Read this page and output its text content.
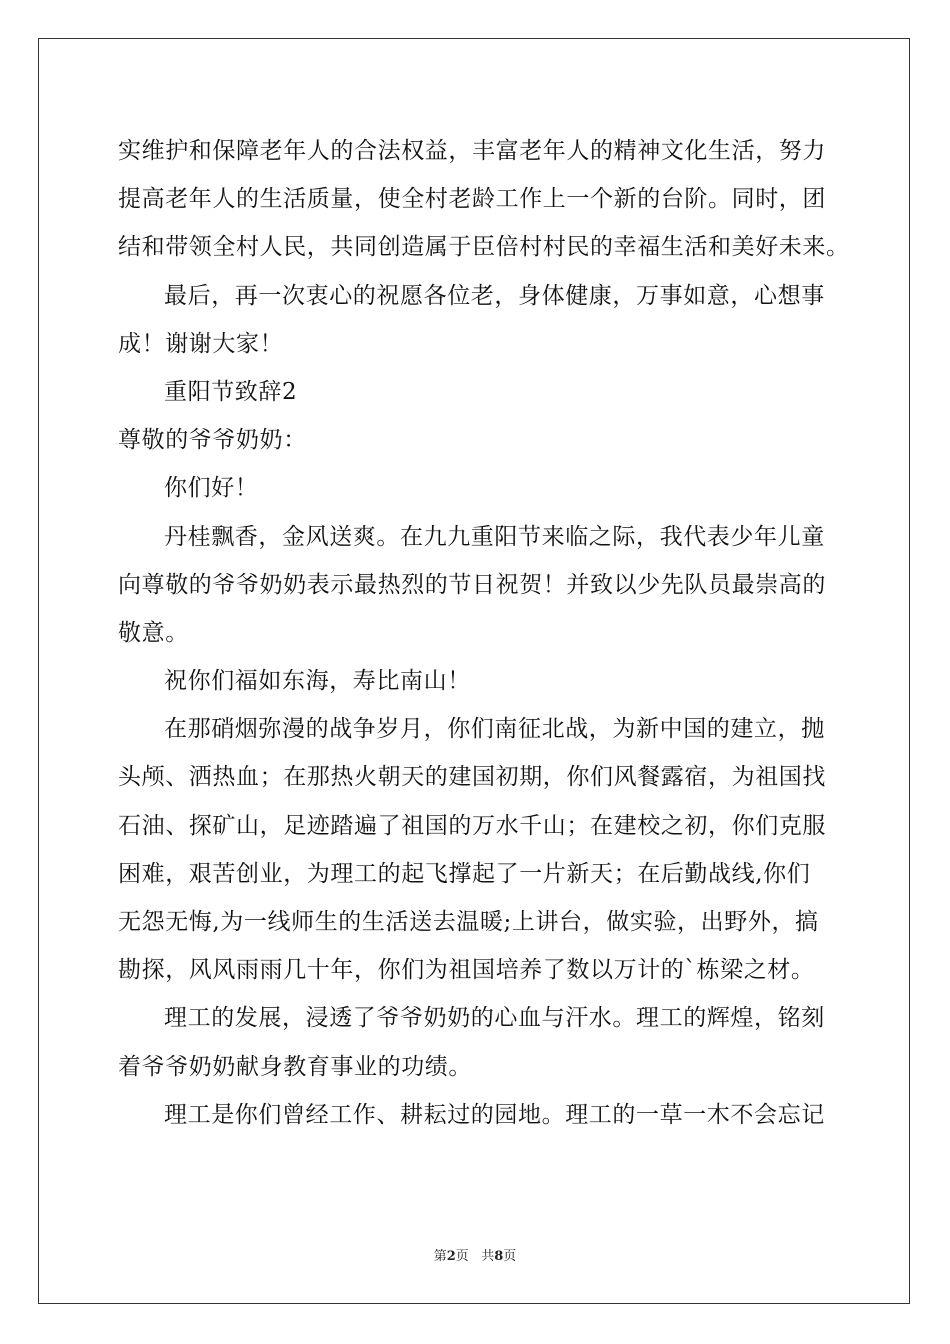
实维护和保障老年人的合法权益，丰富老年人的精神文化生活，努力
提高老年人的生活质量，使全村老龄工作上一个新的台阶。同时，团
结和带领全村人民，共同创造属于臣倍村村民的幸福生活和美好未来。
最后，再一次衷心的祝愿各位老，身体健康，万事如意，心想事
成！谢谢大家！
重阳节致辞2
尊敬的爷爷奶奶：
你们好！
丹桂飘香，金风送爽。在九九重阳节来临之际，我代表少年儿童
向尊敬的爷爷奶奶表示最热烈的节日祝贺！并致以少先队员最崇高的
敬意。
祝你们福如东海，寿比南山！
在那硝烟弥漫的战争岁月，你们南征北战，为新中国的建立，抛
头颅、洒热血；在那热火朝天的建国初期，你们风餐露宿，为祖国找
石油、探矿山，足迹踏遍了祖国的万水千山；在建校之初，你们克服
困难，艰苦创业，为理工的起飞撑起了一片新天；在后勤战线,你们
无怨无悔,为一线师生的生活送去温暖;上讲台，做实验，出野外，搞
勘探，风风雨雨几十年，你们为祖国培养了数以万计的`栋梁之材。
理工的发展，浸透了爷爷奶奶的心血与汗水。理工的辉煌，铭刻
着爷爷奶奶献身教育事业的功绩。
理工是你们曾经工作、耕耘过的园地。理工的一草一木不会忘记
第2页 共8页
